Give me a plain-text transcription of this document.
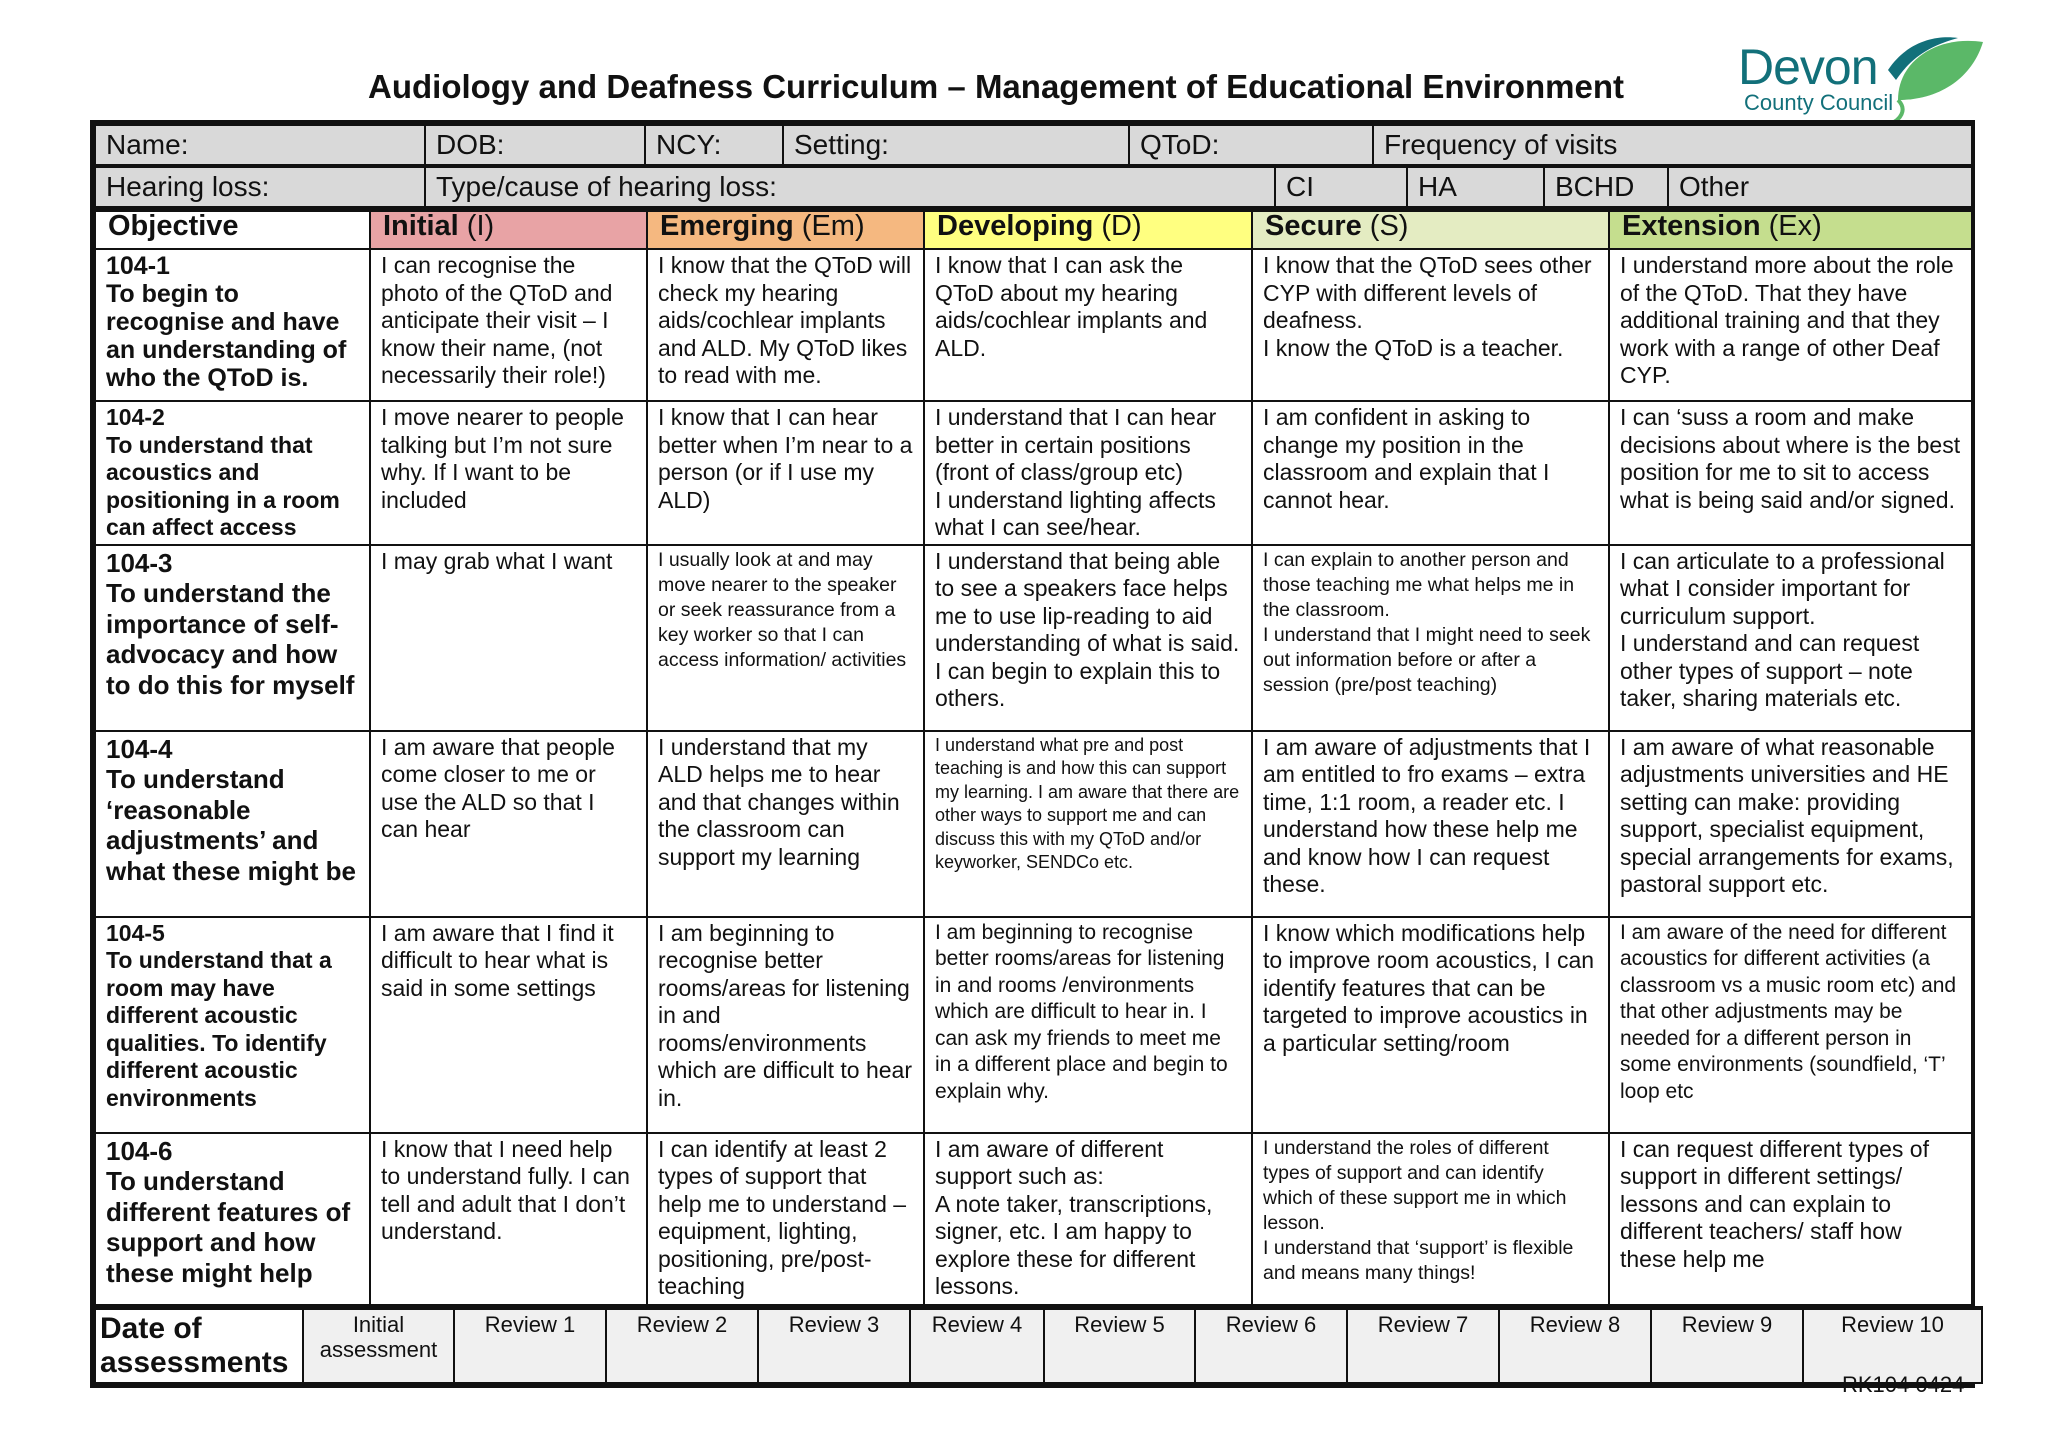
Audiology and Deafness Curriculum – Management of Educational Environment Devon
County Council
Name:	DOB:	NCY:	Setting:	QToD:	Frequency of visits
Hearing loss:	Type/cause of hearing loss:	CI	HA	BCHD	Other
Objective	Initial (I)	Emerging (Em)	Developing (D)	Secure (S)	Extension (Ex)

104-1
To begin to recognise and have an understanding of who the QToD is.	I can recognise the photo of the QToD and anticipate their visit – I know their name, (not necessarily their role!)	I know that the QToD will check my hearing aids/cochlear implants and ALD. My QToD likes to read with me.	I know that I can ask the QToD about my hearing aids/cochlear implants and ALD.	I know that the QToD sees other CYP with different levels of deafness.
I know the QToD is a teacher.	I understand more about the role of the QToD. That they have additional training and that they work with a range of other Deaf CYP.

104-2
To understand that acoustics and positioning in a room can affect access	I move nearer to people talking but I’m not sure why. If I want to be included	I know that I can hear better when I’m near to a person (or if I use my ALD)	I understand that I can hear better in certain positions (front of class/group etc)
I understand lighting affects what I can see/hear.	I am confident in asking to change my position in the classroom and explain that I cannot hear.	I can ‘suss a room and make decisions about where is the best position for me to sit to access what is being said and/or signed.

104-3
To understand the importance of self-advocacy and how to do this for myself	I may grab what I want	I usually look at and may move nearer to the speaker or seek reassurance from a key worker so that I can access information/ activities	I understand that being able to see a speakers face helps me to use lip-reading to aid understanding of what is said. I can begin to explain this to others.	I can explain to another person and those teaching me what helps me in the classroom.
I understand that I might need to seek out information before or after a session (pre/post teaching)	I can articulate to a professional what I consider important for curriculum support.
I understand and can request other types of support – note taker, sharing materials etc.

104-4
To understand ‘reasonable adjustments’ and what these might be	I am aware that people come closer to me or use the ALD so that I can hear	I understand that my ALD helps me to hear and that changes within the classroom can support my learning	I understand what pre and post teaching is and how this can support my learning. I am aware that there are other ways to support me and can discuss this with my QToD and/or keyworker, SENDCo etc.	I am aware of adjustments that I am entitled to fro exams – extra time, 1:1 room, a reader etc. I understand how these help me and know how I can request these.	I am aware of what reasonable adjustments universities and HE setting can make: providing support, specialist equipment, special arrangements for exams, pastoral support etc.

104-5
To understand that a room may have different acoustic qualities. To identify different acoustic environments	I am aware that I find it difficult to hear what is said in some settings	I am beginning to recognise better rooms/areas for listening in and rooms/environments which are difficult to hear in.	I am beginning to recognise better rooms/areas for listening in and rooms /environments which are difficult to hear in. I can ask my friends to meet me in a different place and begin to explain why.	I know which modifications help to improve room acoustics, I can identify features that can be targeted to improve acoustics in a particular setting/room	I am aware of the need for different acoustics for different activities (a classroom vs a music room etc) and that other adjustments may be needed for a different person in some environments (soundfield, ‘T’ loop etc

104-6
To understand different features of support and how these might help	I know that I need help to understand fully. I can tell and adult that I don’t understand.	I can identify at least 2 types of support that help me to understand – equipment, lighting, positioning, pre/post-teaching	I am aware of different support such as:
A note taker, transcriptions, signer, etc. I am happy to explore these for different lessons.	I understand the roles of different types of support and can identify which of these support me in which lesson.
I understand that ‘support’ is flexible and means many things!	I can request different types of support in different settings/ lessons and can explain to different teachers/ staff how these help me
Date of assessments	Initial assessment	Review 1	Review 2	Review 3	Review 4	Review 5	Review 6	Review 7	Review 8	Review 9	Review 10
RK104 0424
